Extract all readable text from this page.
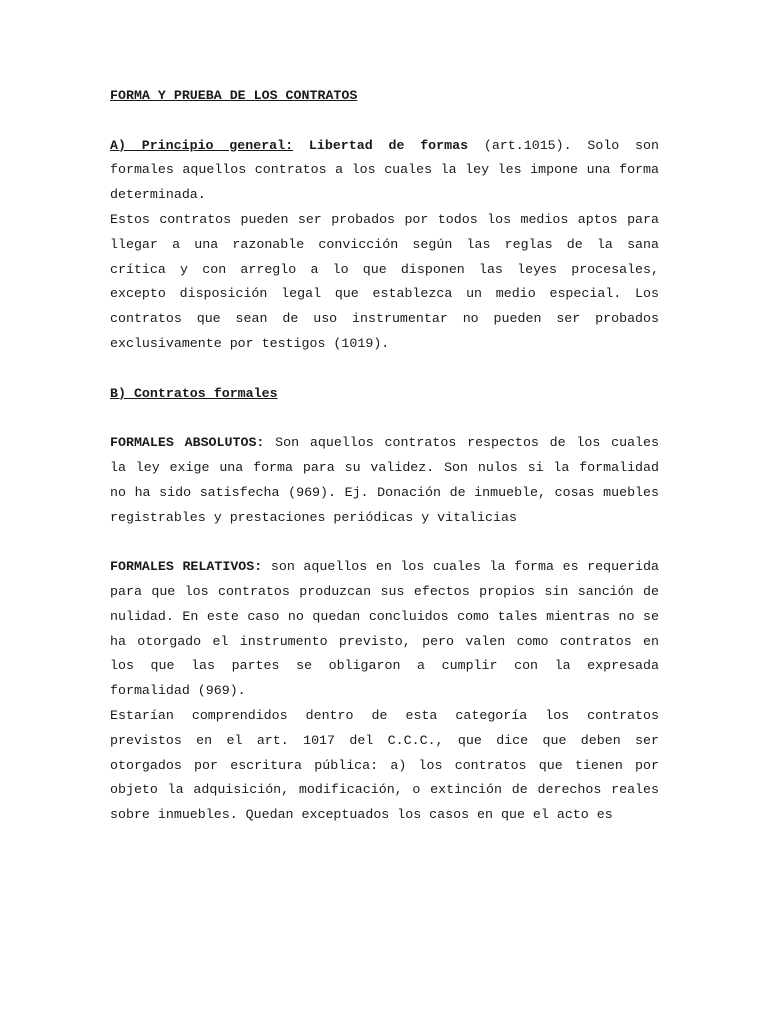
FORMA Y PRUEBA DE LOS CONTRATOS

A) Principio general: Libertad de formas (art.1015). Solo son formales aquellos contratos a los cuales la ley les impone una forma determinada.

Estos contratos pueden ser probados por todos los medios aptos para llegar a una razonable convicción según las reglas de la sana crítica y con arreglo a lo que disponen las leyes procesales, excepto disposición legal que establezca un medio especial. Los contratos que sean de uso instrumentar no pueden ser probados exclusivamente por testigos (1019).

B) Contratos formales

FORMALES ABSOLUTOS: Son aquellos contratos respectos de los cuales la ley exige una forma para su validez. Son nulos si la formalidad no ha sido satisfecha (969). Ej. Donación de inmueble, cosas muebles registrables y prestaciones periódicas y vitalicias

FORMALES RELATIVOS: son aquellos en los cuales la forma es requerida para que los contratos produzcan sus efectos propios sin sanción de nulidad. En este caso no quedan concluidos como tales mientras no se ha otorgado el instrumento previsto, pero valen como contratos en los que las partes se obligaron a cumplir con la expresada formalidad (969).

Estarían comprendidos dentro de esta categoría los contratos previstos en el art. 1017 del C.C.C., que dice que deben ser otorgados por escritura pública: a) los contratos que tienen por objeto la adquisición, modificación, o extinción de derechos reales sobre inmuebles. Quedan exceptuados los casos en que el acto es
